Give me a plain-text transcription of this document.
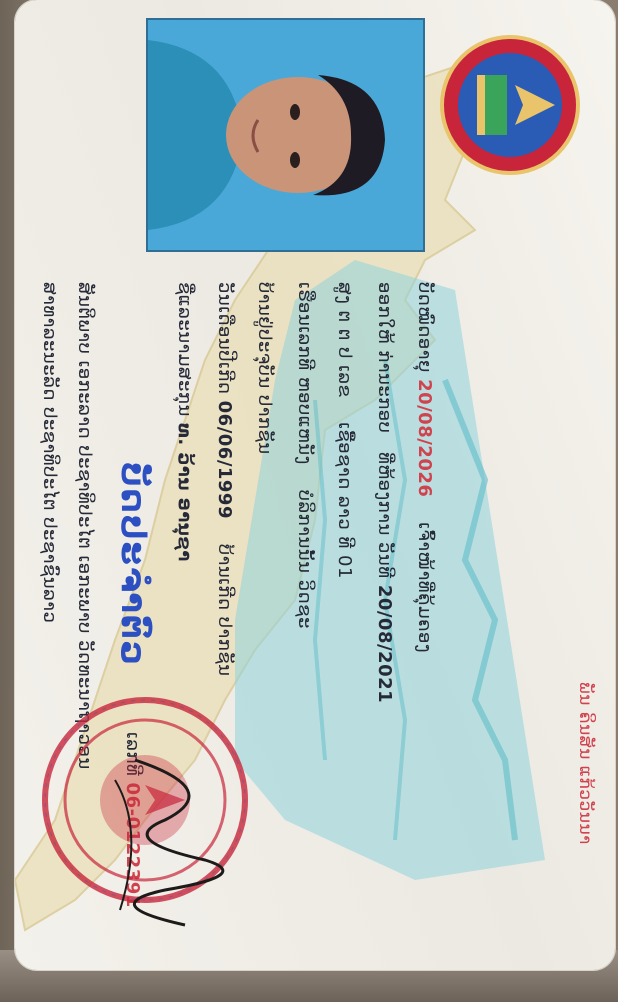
ສາທາລະນະລັດ ປະຊາທິປະໄຕ ປະຊາຊົນລາວ ສັນຕິພາບ ເອກະລາດ ປະຊາທິປະໄຕ ເອກະພາບ ວັດທະນາຖາວອນ ບັດປະຈຳຕົວ
ເລກທີ 06-0122391
ຊື່ແລະນາມສະກຸນ ທ. ວ້ານ ອານຸຊາ
ວັນເດືອນປີເກີດ 06/06/1999    ບ້ານເກີດ ປາກຊັນ
ບ້ານຢູ່ປະຈຸບັນ ປາກຊັນ
ເຮືອນເລກທີ ຫອບແຫນັງ    ບໍລິການນັ້ນ ວິດຊະ
ສູງ ຕ ຕ ປ ເລຂ    ເຊື້ອຊາດ ລາວ ທີ 01
ອອກໃຫ້ ກ່ານະກອບ   ທີ່ຫ້ອງການ ວັນທີ 20/08/2021
ບັດໝົດອາຍຸ 20/08/2026    ເຈົ້າໜ້າທີ່ຄຸ້ມຄອງ
ພັນ ຄິນສັນ ແກ້ວວັນນາ
